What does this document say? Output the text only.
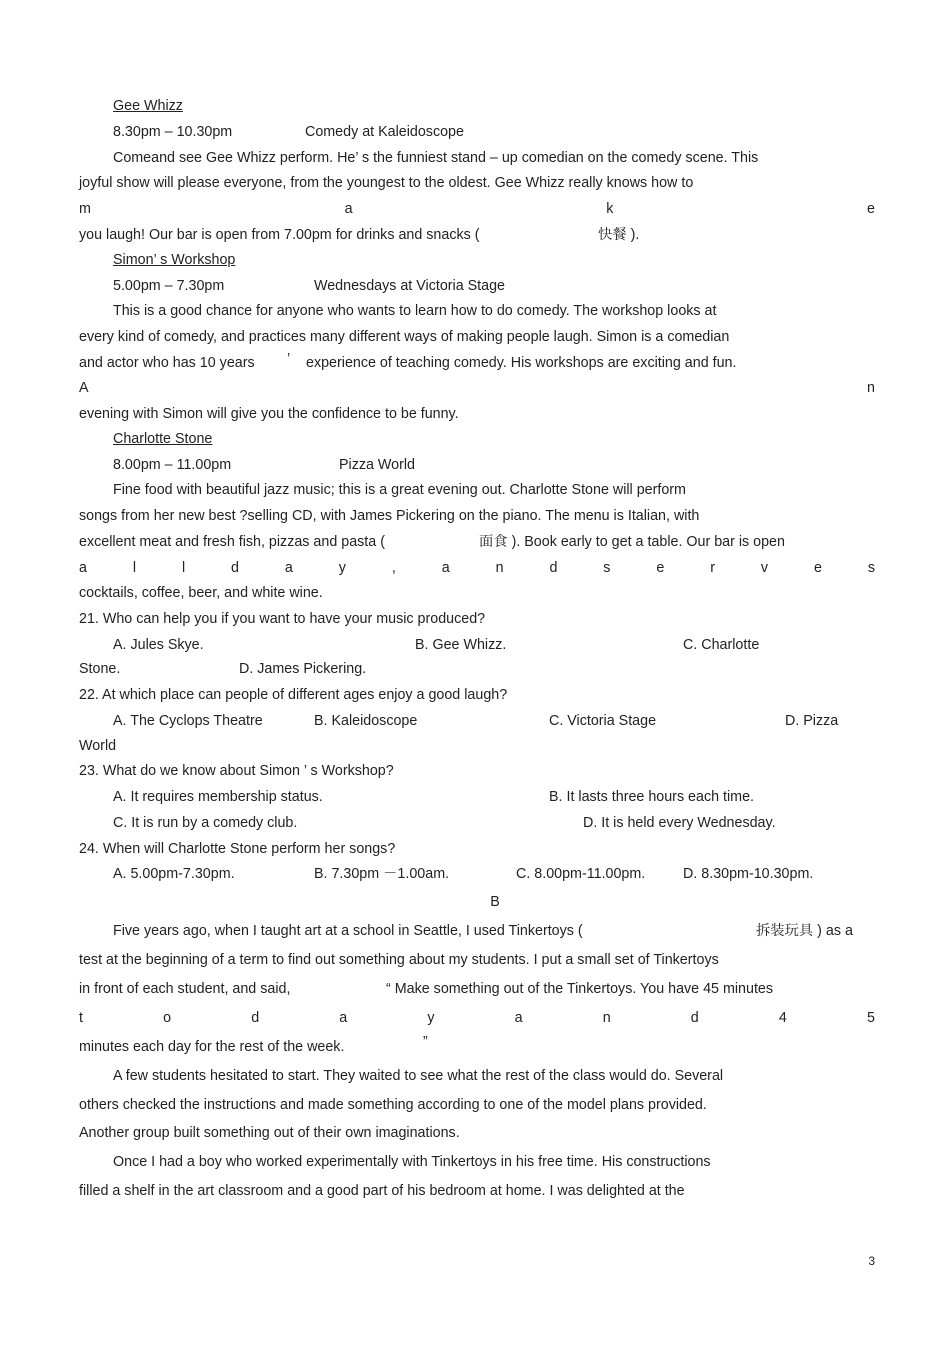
Gee Whizz
8.30pm – 10.30pm	Comedy at Kaleidoscope
Comeand see Gee Whizz perform. He’ s the funniest stand – up comedian on the comedy scene. This
joyful show will please everyone, from the youngest to the oldest. Gee Whizz really knows how to
m	a	k	e
you laugh! Our bar is open from 7.00pm for drinks and snacks (	快餐 ).
Simon’ s Workshop
5.00pm – 7.30pm	Wednesdays at Victoria Stage
This is a good chance for anyone who wants to learn how to do comedy. The workshop looks at
every kind of comedy, and practices many different ways of making people laugh. Simon is a comedian
and actor who has 10 years ’ experience of teaching comedy. His workshops are exciting and fun.
A	n
evening with Simon will give you the confidence to be funny.
Charlotte Stone
8.00pm – 11.00pm	Pizza World
Fine food with beautiful jazz music; this is a great evening out. Charlotte Stone will perform
songs from her new best ?selling CD, with James Pickering on the piano. The menu is Italian, with
excellent meat and fresh fish, pizzas and pasta (	面食 ). Book early to get a table. Our bar is open
a	l	l	d	a	y	,	a	n	d	s	e	r	v	e	s
cocktails, coffee, beer, and white wine.
21. Who can help you if you want to have your music produced?
A. Jules Skye.	B. Gee Whizz.	C. Charlotte
Stone.	D. James Pickering.
22. At which place can people of different ages enjoy a good laugh?
A. The Cyclops Theatre	B. Kaleidoscope	C. Victoria Stage	D. Pizza
World
23. What do we know about Simon ’ s Workshop?
A. It requires membership status.	B. It lasts three hours each time.
C. It is run by a comedy club.	D. It is held every Wednesday.
24. When will Charlotte Stone perform her songs?
A. 5.00pm-7.30pm.	B. 7.30pm －1.00am.	C. 8.00pm-11.00pm.	D. 8.30pm-10.30pm.
B
Five years ago, when I taught art at a school in Seattle, I used Tinkertoys (	拆装玩具 ) as a
test at the beginning of a term to find out something about my students. I put a small set of Tinkertoys
in front of each student, and said,	“ Make something out of the Tinkertoys. You have 45 minutes
t	o	d	a	y	a	n	d	4	5
minutes each day for the rest of the week.	”
A few students hesitated to start. They waited to see what the rest of the class would do. Several
others checked the instructions and made something according to one of the model plans provided.
Another group built something out of their own imaginations.
Once I had a boy who worked experimentally with Tinkertoys in his free time. His constructions
filled a shelf in the art classroom and a good part of his bedroom at home. I was delighted at the
3
